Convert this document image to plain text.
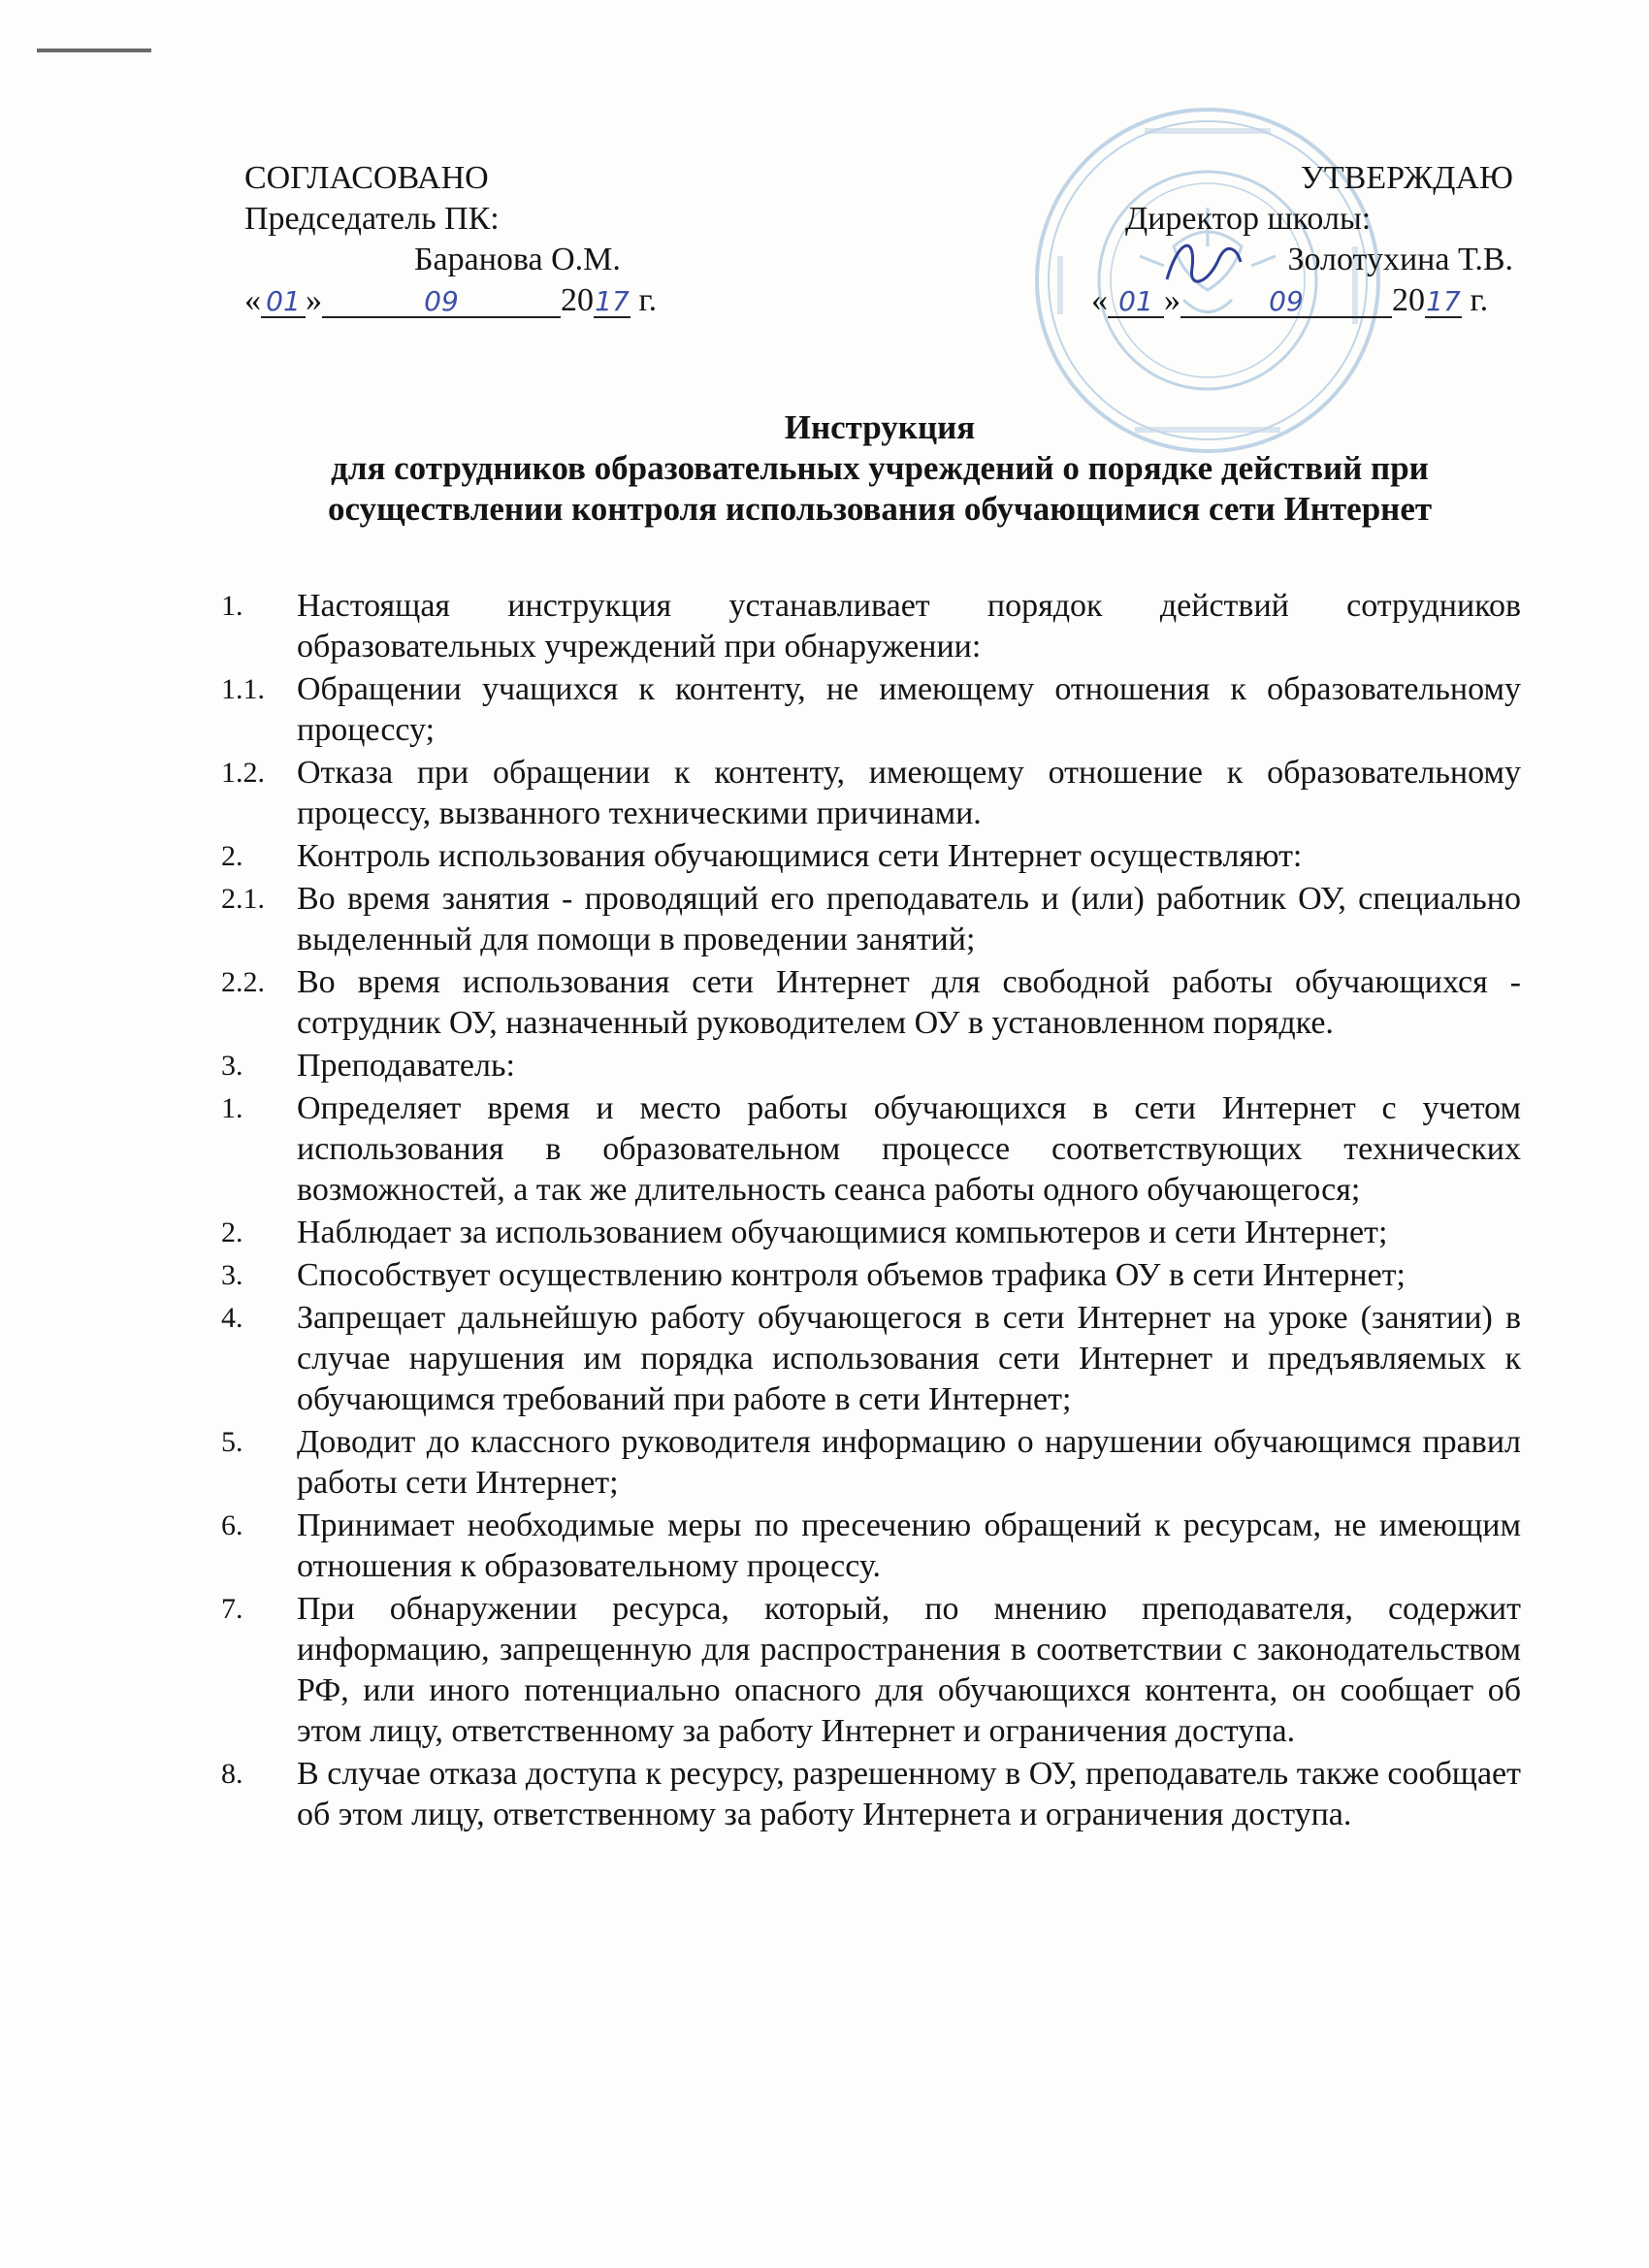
СОГЛАСОВАНО
Председатель ПК:
Баранова О.М.
« 01 »	09	2017 г.
УТВЕРЖДАЮ
Директор школы:
Золотухина Т.В.
« 01 »	09	2017 г.
Инструкция
для сотрудников образовательных учреждений о порядке действий при
осуществлении контроля использования обучающимися сети Интернет
1.	Настоящая инструкция устанавливает порядок действий сотрудников образовательных учреждений при обнаружении:
1.1. Обращении учащихся к контенту, не имеющему отношения к образовательному процессу;
1.2. Отказа при обращении к контенту, имеющему отношение к образовательному процессу, вызванного техническими причинами.
2.	Контроль использования обучающимися сети Интернет осуществляют:
2.1. Во время занятия - проводящий его преподаватель и (или) работник ОУ, специально выделенный для помощи в проведении занятий;
2.2. Во время использования сети Интернет для свободной работы обучающихся - сотрудник ОУ, назначенный руководителем ОУ в установленном порядке.
3.	Преподаватель:
1.	Определяет время и место работы обучающихся в сети Интернет с учетом использования в образовательном процессе соответствующих технических возможностей, а так же длительность сеанса работы одного обучающегося;
2.	Наблюдает за использованием обучающимися компьютеров и сети Интернет;
3.	Способствует осуществлению контроля объемов трафика ОУ в сети Интернет;
4.	Запрещает дальнейшую работу обучающегося в сети Интернет на уроке (занятии) в случае нарушения им порядка использования сети Интернет и предъявляемых к обучающимся требований при работе в сети Интернет;
5.	Доводит до классного руководителя информацию о нарушении обучающимся правил работы сети Интернет;
6.	Принимает необходимые меры по пресечению обращений к ресурсам, не имеющим отношения к образовательному процессу.
7.	При обнаружении ресурса, который, по мнению преподавателя, содержит информацию, запрещенную для распространения в соответствии с законодательством РФ, или иного потенциально опасного для обучающихся контента, он сообщает об этом лицу, ответственному за работу Интернет и ограничения доступа.
8.	В случае отказа доступа к ресурсу, разрешенному в ОУ, преподаватель также сообщает об этом лицу, ответственному за работу Интернета и ограничения доступа.
